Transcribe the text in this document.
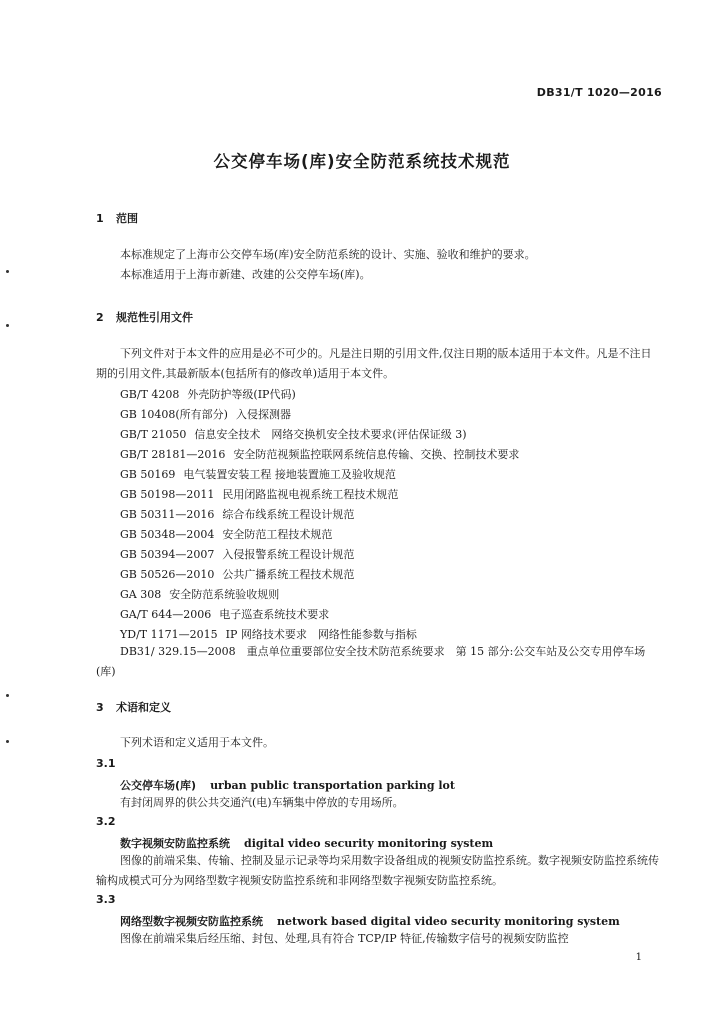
DB31/T 1020—2016
公交停车场(库)安全防范系统技术规范
1 范围
本标准规定了上海市公交停车场(库)安全防范系统的设计、实施、验收和维护的要求。
本标准适用于上海市新建、改建的公交停车场(库)。
2 规范性引用文件
下列文件对于本文件的应用是必不可少的。凡是注日期的引用文件,仅注日期的版本适用于本文件。凡是不注日期的引用文件,其最新版本(包括所有的修改单)适用于本文件。
GB/T 4208 外壳防护等级(IP代码)
GB 10408(所有部分) 入侵探测器
GB/T 21050 信息安全技术　网络交换机安全技术要求(评估保证级 3)
GB/T 28181—2016 安全防范视频监控联网系统信息传输、交换、控制技术要求
GB 50169 电气装置安装工程 接地装置施工及验收规范
GB 50198—2011 民用闭路监视电视系统工程技术规范
GB 50311—2016 综合布线系统工程设计规范
GB 50348—2004 安全防范工程技术规范
GB 50394—2007 入侵报警系统工程设计规范
GB 50526—2010 公共广播系统工程技术规范
GA 308 安全防范系统验收规则
GA/T 644—2006 电子巡查系统技术要求
YD/T 1171—2015 IP 网络技术要求　网络性能参数与指标
DB31/ 329.15—2008　重点单位重要部位安全技术防范系统要求　第 15 部分:公交车站及公交专用停车场(库)
3 术语和定义
下列术语和定义适用于本文件。
3.1
公交停车场(库) urban public transportation parking lot
有封闭周界的供公共交通汽(电)车辆集中停放的专用场所。
3.2
数字视频安防监控系统 digital video security monitoring system
图像的前端采集、传输、控制及显示记录等均采用数字设备组成的视频安防监控系统。数字视频安防监控系统传输构成模式可分为网络型数字视频安防监控系统和非网络型数字视频安防监控系统。
3.3
网络型数字视频安防监控系统 network based digital video security monitoring system
图像在前端采集后经压缩、封包、处理,具有符合 TCP/IP 特征,传输数字信号的视频安防监控
1
